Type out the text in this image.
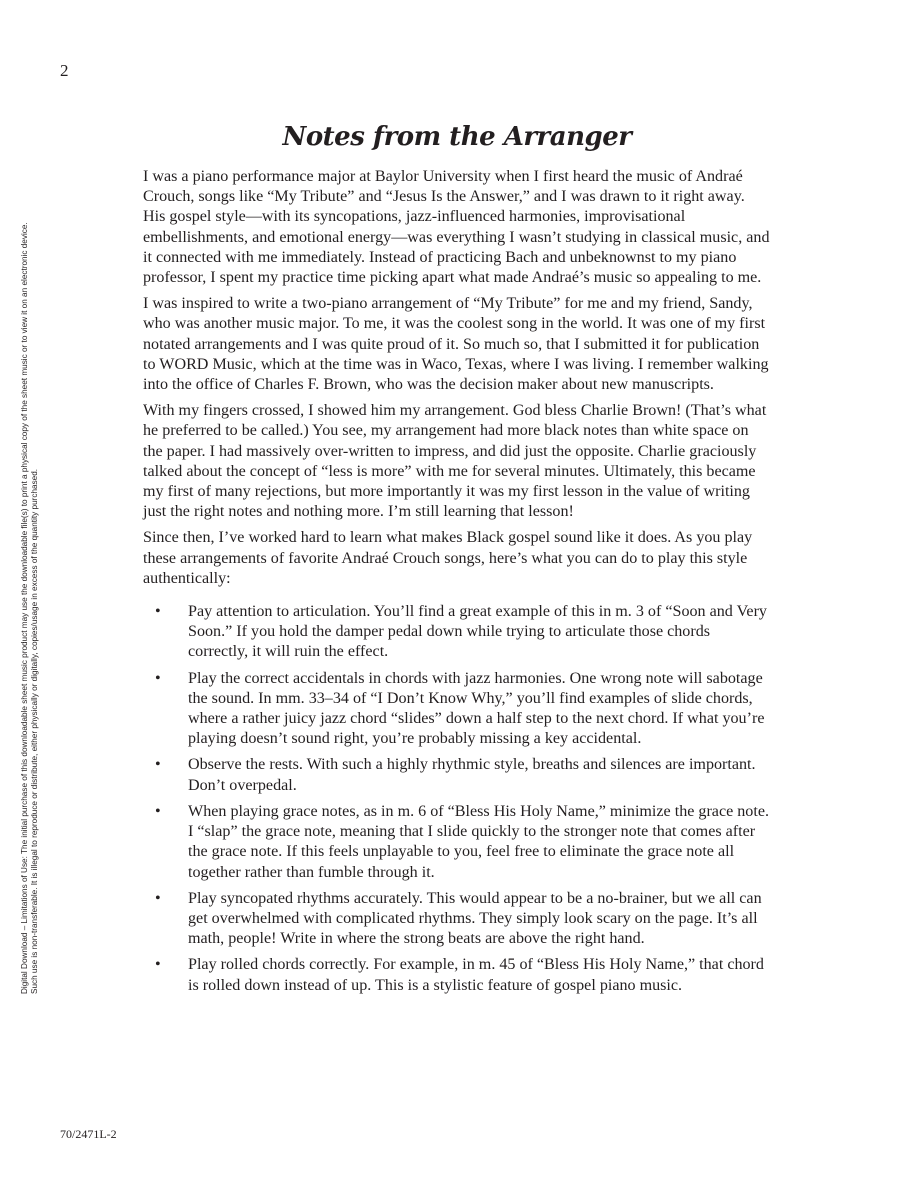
2
Digital Download – Limitations of Use: The initial purchase of this downloadable sheet music product may use the downloadable file(s) to print a physical copy of the sheet music or to view it on an electronic device. Such use is non-transferable. It is illegal to reproduce or distribute, either physically or digitally, copies/usage in excess of the quantity purchased.
Notes from the Arranger

I was a piano performance major at Baylor University when I first heard the music of Andraé Crouch, songs like “My Tribute” and “Jesus Is the Answer,” and I was drawn to it right away. His gospel style—with its syncopations, jazz-influenced harmonies, improvisational embellishments, and emotional energy—was everything I wasn’t studying in classical music, and it connected with me immediately. Instead of practicing Bach and unbeknownst to my piano professor, I spent my practice time picking apart what made Andraé’s music so appealing to me.

I was inspired to write a two-piano arrangement of “My Tribute” for me and my friend, Sandy, who was another music major. To me, it was the coolest song in the world. It was one of my first notated arrangements and I was quite proud of it. So much so, that I submitted it for publication to WORD Music, which at the time was in Waco, Texas, where I was living. I remember walking into the office of Charles F. Brown, who was the decision maker about new manuscripts.

With my fingers crossed, I showed him my arrangement. God bless Charlie Brown! (That’s what he preferred to be called.) You see, my arrangement had more black notes than white space on the paper. I had massively over-written to impress, and did just the opposite. Charlie graciously talked about the concept of “less is more” with me for several minutes. Ultimately, this became my first of many rejections, but more importantly it was my first lesson in the value of writing just the right notes and nothing more. I’m still learning that lesson!

Since then, I’ve worked hard to learn what makes Black gospel sound like it does. As you play these arrangements of favorite Andraé Crouch songs, here’s what you can do to play this style authentically:

• Pay attention to articulation. You’ll find a great example of this in m. 3 of “Soon and Very Soon.” If you hold the damper pedal down while trying to articulate those chords correctly, it will ruin the effect.
• Play the correct accidentals in chords with jazz harmonies. One wrong note will sabotage the sound. In mm. 33–34 of “I Don’t Know Why,” you’ll find examples of slide chords, where a rather juicy jazz chord “slides” down a half step to the next chord. If what you’re playing doesn’t sound right, you’re probably missing a key accidental.
• Observe the rests. With such a highly rhythmic style, breaths and silences are important. Don’t overpedal.
• When playing grace notes, as in m. 6 of “Bless His Holy Name,” minimize the grace note. I “slap” the grace note, meaning that I slide quickly to the stronger note that comes after the grace note. If this feels unplayable to you, feel free to eliminate the grace note all together rather than fumble through it.
• Play syncopated rhythms accurately. This would appear to be a no-brainer, but we all can get overwhelmed with complicated rhythms. They simply look scary on the page. It’s all math, people! Write in where the strong beats are above the right hand.
• Play rolled chords correctly. For example, in m. 45 of “Bless His Holy Name,” that chord is rolled down instead of up. This is a stylistic feature of gospel piano music.
70/2471L-2
